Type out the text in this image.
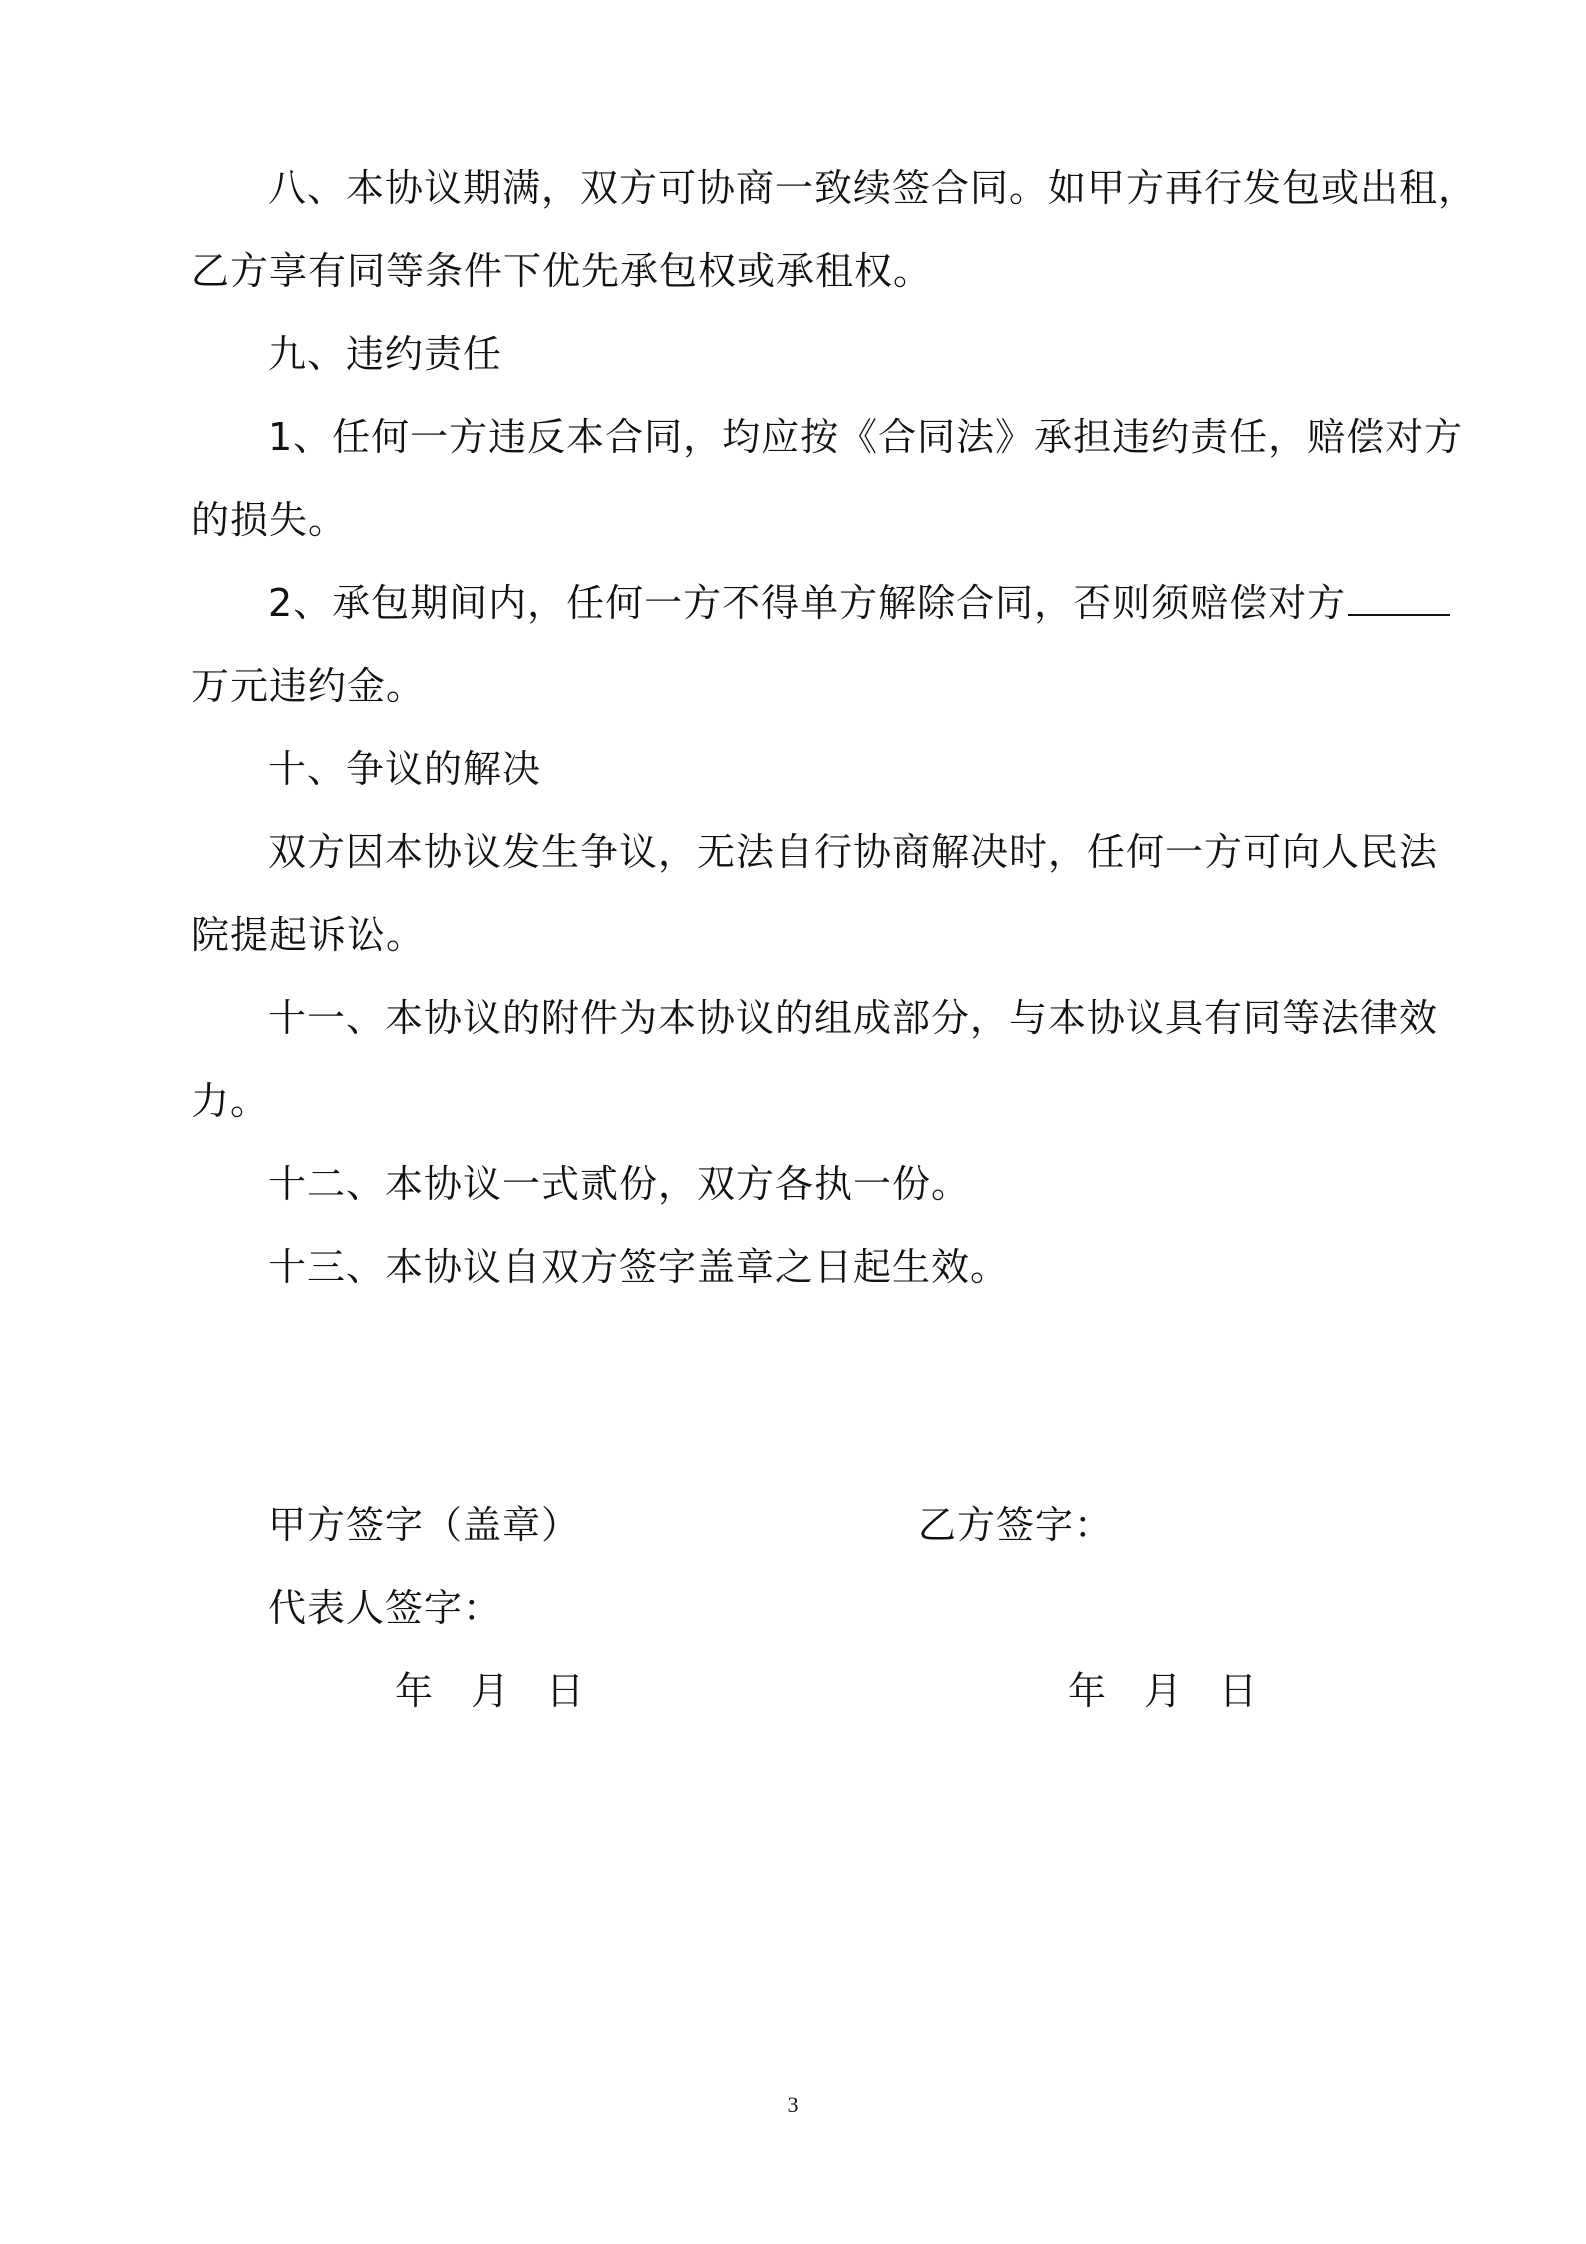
八、本协议期满，双方可协商一致续签合同。如甲方再行发包或出租，
乙方享有同等条件下优先承包权或承租权。
九、违约责任
1、任何一方违反本合同，均应按《合同法》承担违约责任，赔偿对方
的损失。
2、承包期间内，任何一方不得单方解除合同，否则须赔偿对方
万元违约金。
十、争议的解决
双方因本协议发生争议，无法自行协商解决时，任何一方可向人民法
院提起诉讼。
十一、本协议的附件为本协议的组成部分，与本协议具有同等法律效
力。
十二、本协议一式贰份，双方各执一份。
十三、本协议自双方签字盖章之日起生效。
甲方签字（盖章）	乙方签字：
代表人签字：
年 月 日	年 月 日
3
